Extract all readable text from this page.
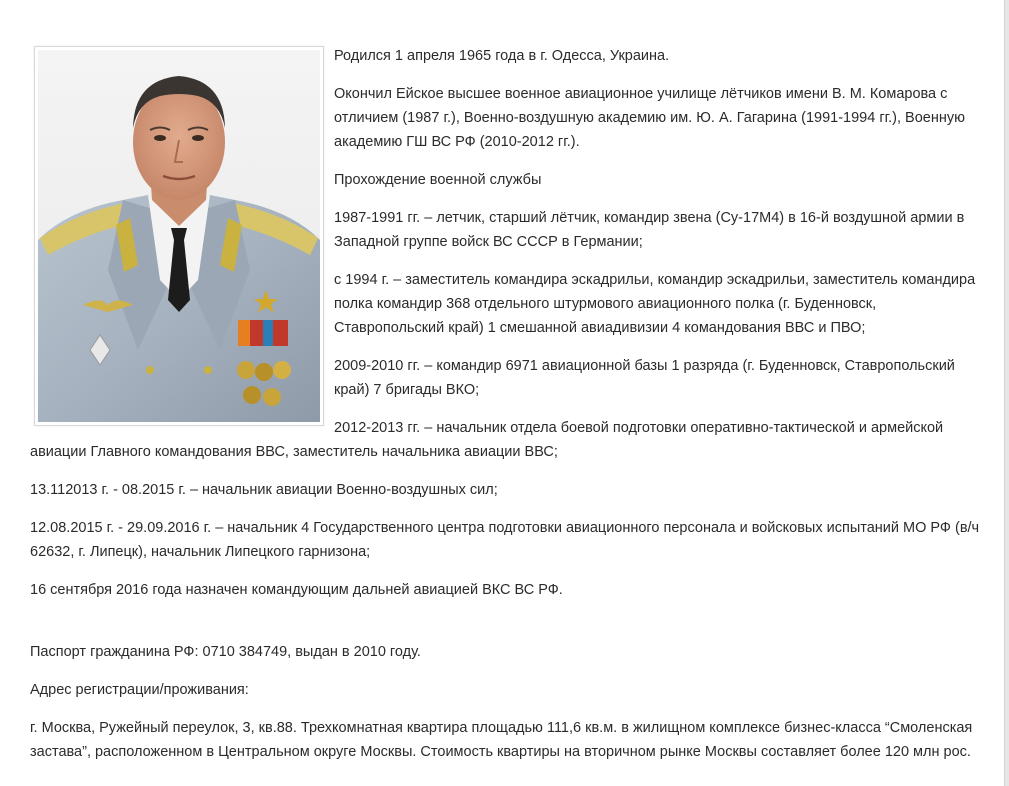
Родился 1 апреля 1965 года в г. Одесса, Украина.

Окончил Ейское высшее военное авиационное училище лётчиков имени В. М. Комарова с отличием (1987 г.), Военно-воздушную академию им. Ю. А. Гагарина (1991-1994 гг.), Военную академию ГШ ВС РФ (2010-2012 гг.).

Прохождение военной службы

1987-1991 гг. – летчик, старший лётчик, командир звена (Су-17М4) в 16-й воздушной армии в Западной группе войск ВС СССР в Германии;

с 1994 г. – заместитель командира эскадрильи, командир эскадрильи, заместитель командира полка командир 368 отдельного штурмового авиационного полка (г. Буденновск, Ставропольский край) 1 смешанной авиадивизии 4 командования ВВС и ПВО;

2009-2010 гг. – командир 6971 авиационной базы 1 разряда (г. Буденновск, Ставропольский край) 7 бригады ВКО;

2012-2013 гг. – начальник отдела боевой подготовки оперативно-тактической и армейской авиации Главного командования ВВС, заместитель начальника авиации ВВС;

13.112013 г. - 08.2015 г. – начальник авиации Военно-воздушных сил;

12.08.2015 г. - 29.09.2016 г. – начальник 4 Государственного центра подготовки авиационного персонала и войсковых испытаний МО РФ (в/ч 62632, г. Липецк), начальник Липецкого гарнизона;

16 сентября 2016 года назначен командующим дальней авиацией ВКС ВС РФ.

Паспорт гражданина РФ: 0710 384749, выдан в 2010 году.

Адрес регистрации/проживания:

г. Москва, Ружейный переулок, 3, кв.88. Трехкомнатная квартира площадью 111,6 кв.м. в жилищном комплексе бизнес-класса “Смоленская застава”, расположенном в Центральном округе Москвы. Стоимость квартиры на вторичном рынке Москвы составляет более 120 млн рос.
